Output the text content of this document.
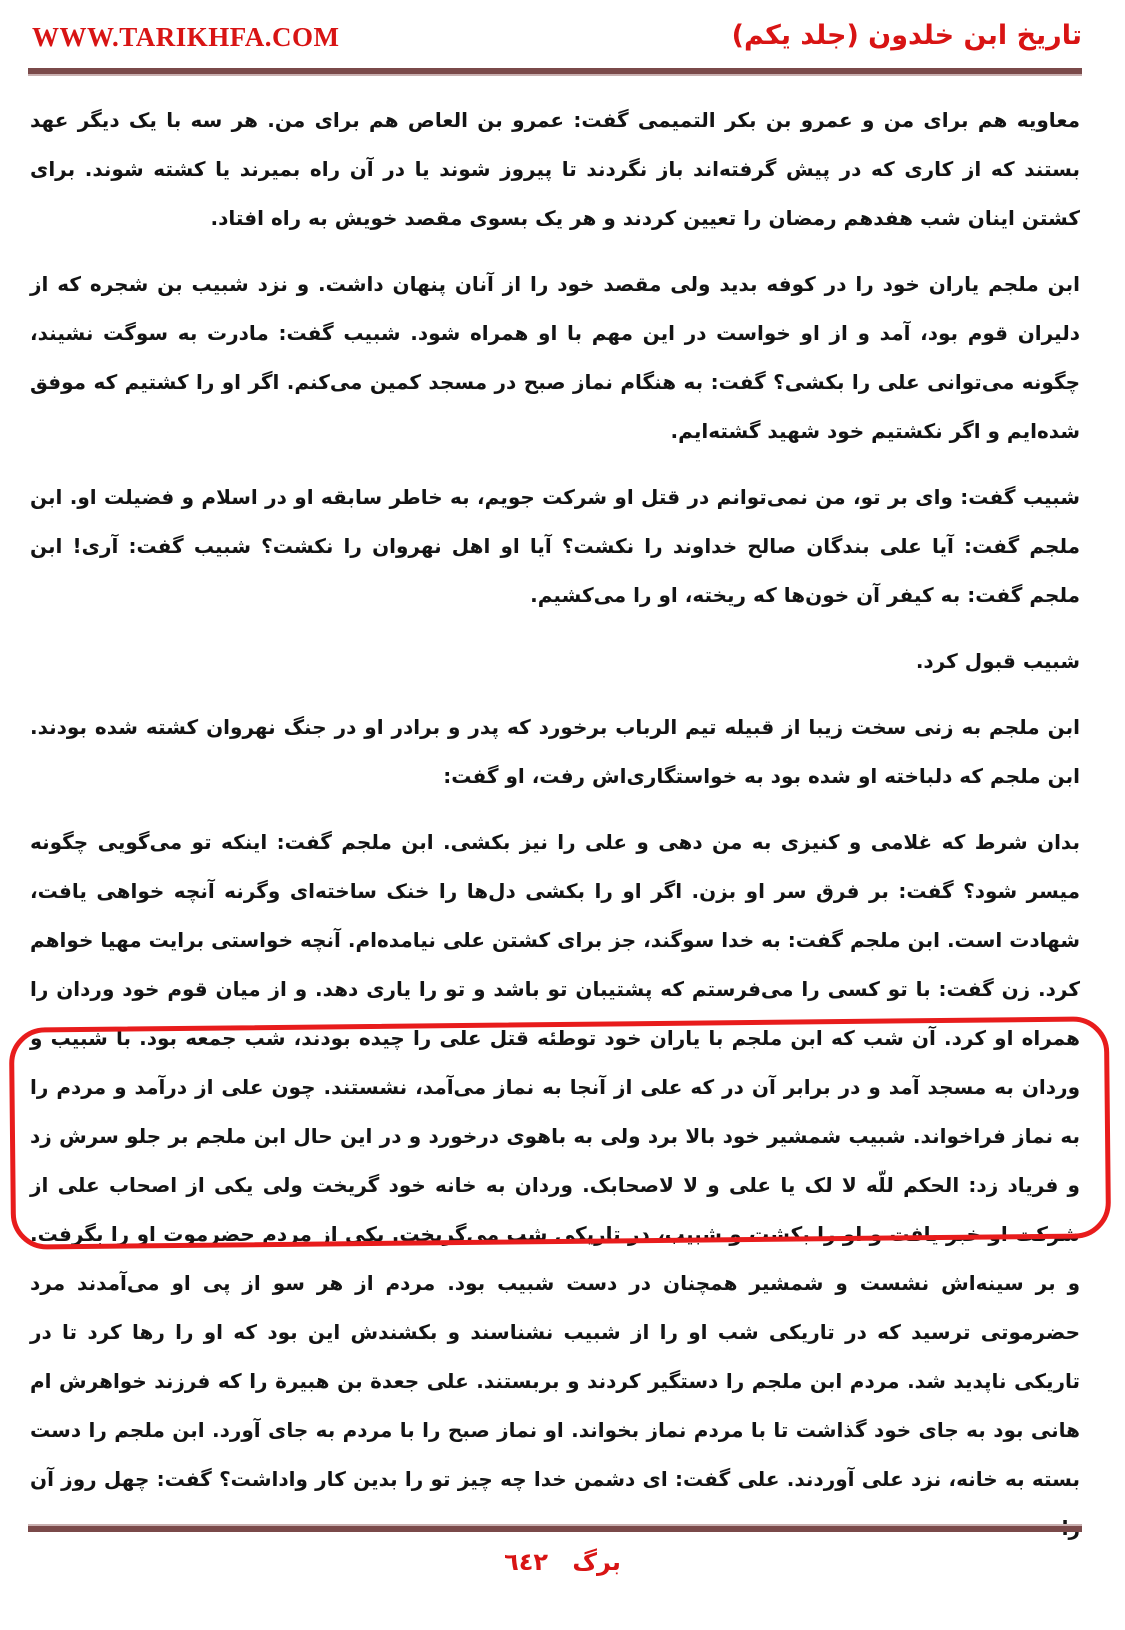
تاریخ ابن خلدون (جلد یکم)
WWW.TARIKHFA.COM

معاویه هم برای من و عمرو بن بکر التمیمی گفت: عمرو بن العاص هم برای من. هر سه با یک دیگر عهد بستند که از کاری که در پیش گرفته‌اند باز نگردند تا پیروز شوند یا در آن راه بمیرند یا کشته شوند. برای کشتن اینان شب هفدهم رمضان را تعیین کردند و هر یک بسوی مقصد خویش به راه افتاد.

ابن ملجم یاران خود را در کوفه بدید ولی مقصد خود را از آنان پنهان داشت. و نزد شبیب بن شجره که از دلیران قوم بود، آمد و از او خواست در این مهم با او همراه شود. شبیب گفت: مادرت به سوگت نشیند، چگونه می‌توانی علی را بکشی؟ گفت: به هنگام نماز صبح در مسجد کمین می‌کنم. اگر او را کشتیم که موفق شده‌ایم و اگر نکشتیم خود شهید گشته‌ایم.

شبیب گفت: وای بر تو، من نمی‌توانم در قتل او شرکت جویم، به خاطر سابقه او در اسلام و فضیلت او. ابن ملجم گفت: آیا علی بندگان صالح خداوند را نکشت؟ آیا او اهل نهروان را نکشت؟ شبیب گفت: آری! ابن ملجم گفت: به کیفر آن خون‌ها که ریخته، او را می‌کشیم.

شبیب قبول کرد.

ابن ملجم به زنی سخت زیبا از قبیله تیم الرباب برخورد که پدر و برادر او در جنگ نهروان کشته شده بودند. ابن ملجم که دلباخته او شده بود به خواستگاری‌اش رفت، او گفت:

بدان شرط که غلامی و کنیزی به من دهی و علی را نیز بکشی. ابن ملجم گفت: اینکه تو می‌گویی چگونه میسر شود؟ گفت: بر فرق سر او بزن. اگر او را بکشی دل‌ها را خنک ساخته‌ای وگرنه آنچه خواهی یافت، شهادت است. ابن ملجم گفت: به خدا سوگند، جز برای کشتن علی نیامده‌ام. آنچه خواستی برایت مهیا خواهم کرد. زن گفت: با تو کسی را می‌فرستم که پشتیبان تو باشد و تو را یاری دهد. و از میان قوم خود وردان را همراه او کرد. آن شب که ابن ملجم با یاران خود توطئه قتل علی را چیده بودند، شب جمعه بود. با شبیب و وردان به مسجد آمد و در برابر آن در که علی از آنجا به نماز می‌آمد، نشستند. چون علی از درآمد و مردم را به نماز فراخواند. شبیب شمشیر خود بالا برد ولی به باهوی درخورد و در این حال ابن ملجم بر جلو سرش زد و فریاد زد: الحکم للّه لا لک یا علی و لا لاصحابک. وردان به خانه خود گریخت ولی یکی از اصحاب علی از شرکت او خبر یافت و او را بکشت و شبیب، در تاریکی شب می‌گریخت. یکی از مردم حضرموت او را بگرفت. و بر سینه‌اش نشست و شمشیر همچنان در دست شبیب بود. مردم از هر سو از پی او می‌آمدند مرد حضرموتی ترسید که در تاریکی شب او را از شبیب نشناسند و بکشندش این بود که او را رها کرد تا در تاریکی ناپدید شد. مردم ابن ملجم را دستگیر کردند و بربستند. علی جعدة بن هبیرة را که فرزند خواهرش ام هانی بود به جای خود گذاشت تا با مردم نماز بخواند. او نماز صبح را با مردم به جای آورد. ابن ملجم را دست بسته به خانه، نزد علی آوردند. علی گفت: ای دشمن خدا چه چیز تو را بدین کار واداشت؟ گفت: چهل روز آن

برگ ٦٤٢
